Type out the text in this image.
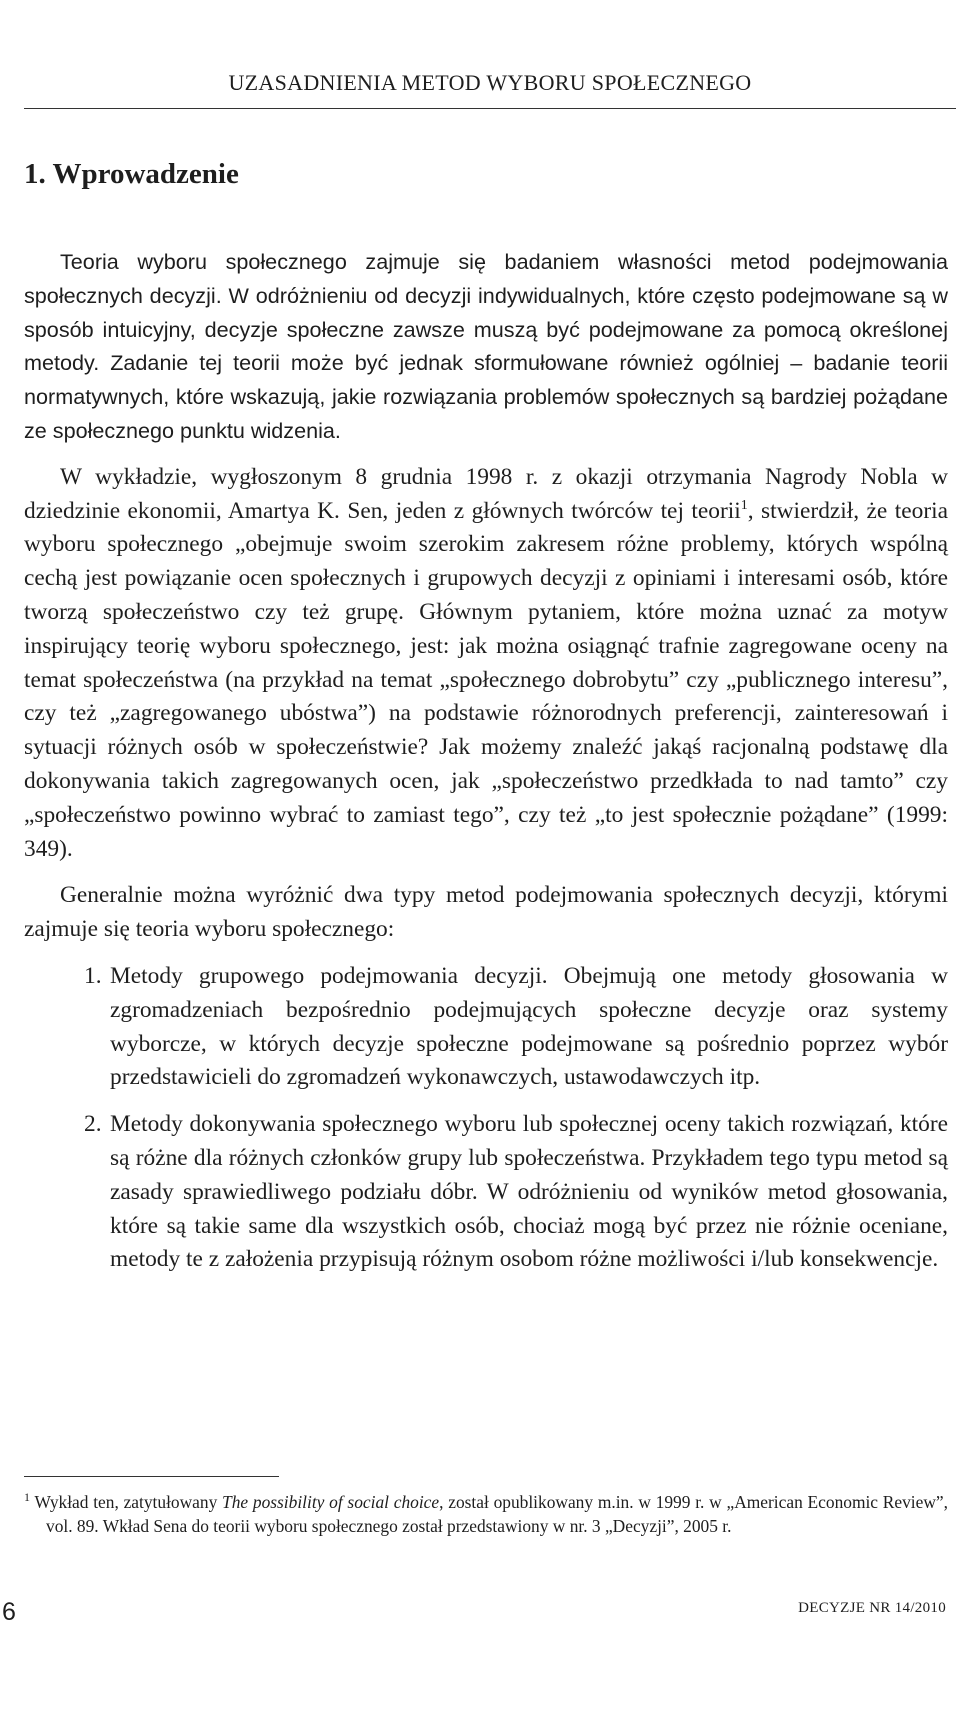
UZASADNIENIA METOD WYBORU SPOŁECZNEGO
1. Wprowadzenie

Teoria wyboru społecznego zajmuje się badaniem własności metod podejmowania społecznych decyzji. W odróżnieniu od decyzji indywidualnych, które często podejmowane są w sposób intuicyjny, decyzje społeczne zawsze muszą być podejmowane za pomocą określonej metody. Zadanie tej teorii może być jednak sformułowane również ogólniej – badanie teorii normatywnych, które wskazują, jakie rozwiązania problemów społecznych są bardziej pożądane ze społecznego punktu widzenia.

W wykładzie, wygłoszonym 8 grudnia 1998 r. z okazji otrzymania Nagrody Nobla w dziedzinie ekonomii, Amartya K. Sen, jeden z głównych twórców tej teorii$^1$, stwierdził, że teoria wyboru społecznego „obejmuje swoim szerokim zakresem różne problemy, których wspólną cechą jest powiązanie ocen społecznych i grupowych decyzji z opiniami i interesami osób, które tworzą społeczeństwo czy też grupę. Głównym pytaniem, które można uznać za motyw inspirujący teorię wyboru społecznego, jest: jak można osiągnąć trafnie zagregowane oceny na temat społeczeństwa (na przykład na temat „społecznego dobrobytu” czy „publicznego interesu”, czy też „zagregowanego ubóstwa”) na podstawie różnorodnych preferencji, zainteresowań i sytuacji różnych osób w społeczeństwie? Jak możemy znaleźć jakąś racjonalną podstawę dla dokonywania takich zagregowanych ocen, jak „społeczeństwo przedkłada to nad tamto” czy „społeczeństwo powinno wybrać to zamiast tego”, czy też „to jest społecznie pożądane” (1999: 349).

Generalnie można wyróżnić dwa typy metod podejmowania społecznych decyzji, którymi zajmuje się teoria wyboru społecznego:

1. Metody grupowego podejmowania decyzji. Obejmują one metody głosowania w zgromadzeniach bezpośrednio podejmujących społeczne decyzje oraz systemy wyborcze, w których decyzje społeczne podejmowane są pośrednio poprzez wybór przedstawicieli do zgromadzeń wykonawczych, ustawodawczych itp.
2. Metody dokonywania społecznego wyboru lub społecznej oceny takich rozwiązań, które są różne dla różnych członków grupy lub społeczeństwa. Przykładem tego typu metod są zasady sprawiedliwego podziału dóbr. W odróżnieniu od wyników metod głosowania, które są takie same dla wszystkich osób, chociaż mogą być przez nie różnie oceniane, metody te z założenia przypisują różnym osobom różne możliwości i/lub konsekwencje.

$^1$ Wykład ten, zatytułowany The possibility of social choice, został opublikowany m.in. w 1999 r. w „American Economic Review”, vol. 89. Wkład Sena do teorii wyboru społecznego został przedstawiony w nr. 3 „Decyzji”, 2005 r.

6	DECYZJE NR 14/2010
